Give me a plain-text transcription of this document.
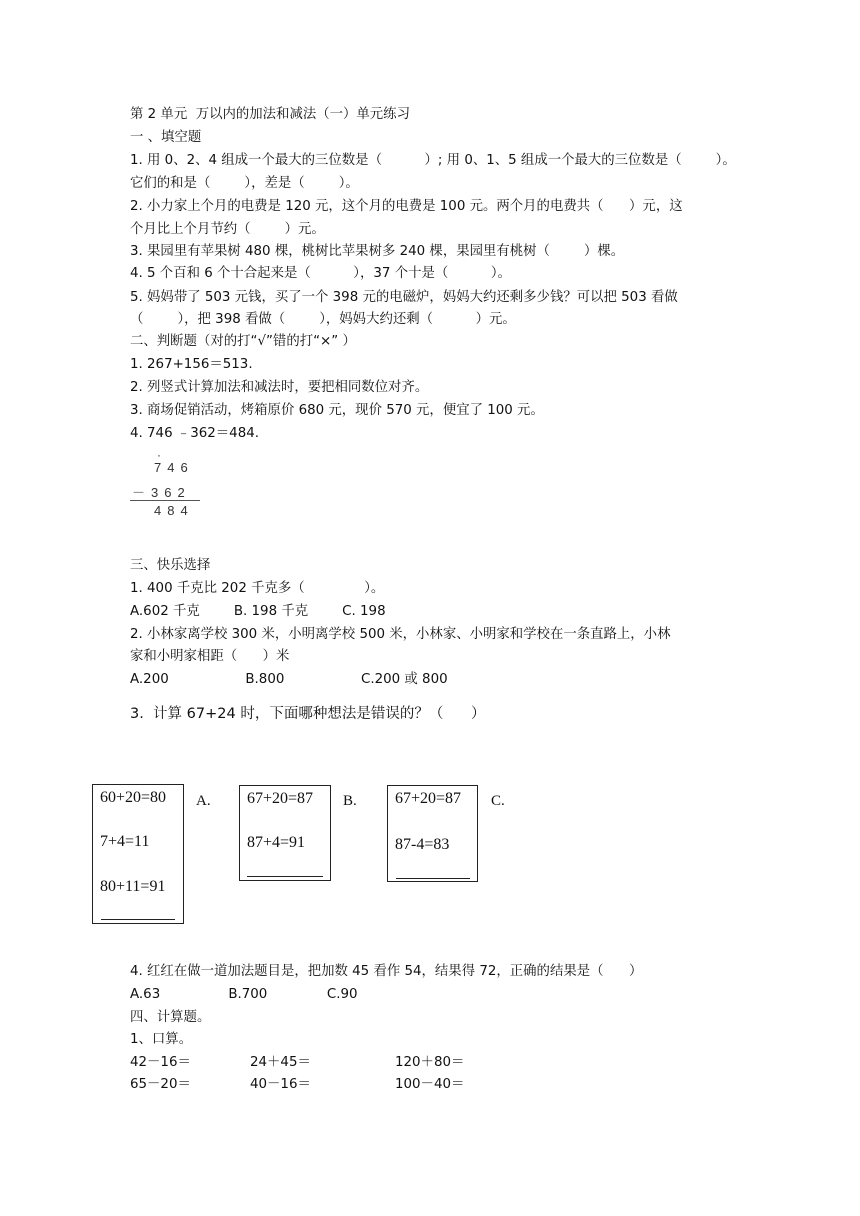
第 2 单元  万以内的加法和减法（一）单元练习
一 、填空题
1. 用 0、2、4 组成一个最大的三位数是（          ）; 用 0、1、5 组成一个最大的三位数是（        ）。
它们的和是（        ），差是（        ）。
2. 小力家上个月的电费是 120 元，这个月的电费是 100 元。两个月的电费共（      ）元，这
个月比上个月节约（        ）元。
3. 果园里有苹果树 480 棵，桃树比苹果树多 240 棵，果园里有桃树（        ）棵。
4. 5 个百和 6 个十合起来是（          ），37 个十是（          ）。
5. 妈妈带了 503 元钱，买了一个 398 元的电磁炉，妈妈大约还剩多少钱？可以把 503 看做
（        ），把 398 看做（        ），妈妈大约还剩（          ）元。
二、判断题（对的打“√”错的打“×” ）
1. 267+156＝513.
2. 列竖式计算加法和减法时，要把相同数位对齐。
3. 商场促销活动，烤箱原价 680 元，现价 570 元，便宜了 100 元。
4. 746 ﹣362＝484.
·
746
－362
484
三、快乐选择
1. 400 千克比 202 千克多（              ）。
A.602 千克        B. 198 千克        C. 198
2. 小林家离学校 300 米，小明离学校 500 米，小林家、小明家和学校在一条直路上，小林
家和小明家相距（      ）米
A.200                  B.800                  C.200 或 800
3.  计算 67+24 时，下面哪种想法是错误的？（      ）
60+20=80
7+4=11
80+11=91
A. 67+20=87
87+4=91
B. 67+20=87
87-4=83
C.
4. 红红在做一道加法题目是，把加数 45 看作 54，结果得 72，正确的结果是（      ）
A.63                B.700              C.90
四、计算题。
1、口算。
42－16＝	24＋45＝	120＋80＝
65－20＝	40－16＝	100－40＝
